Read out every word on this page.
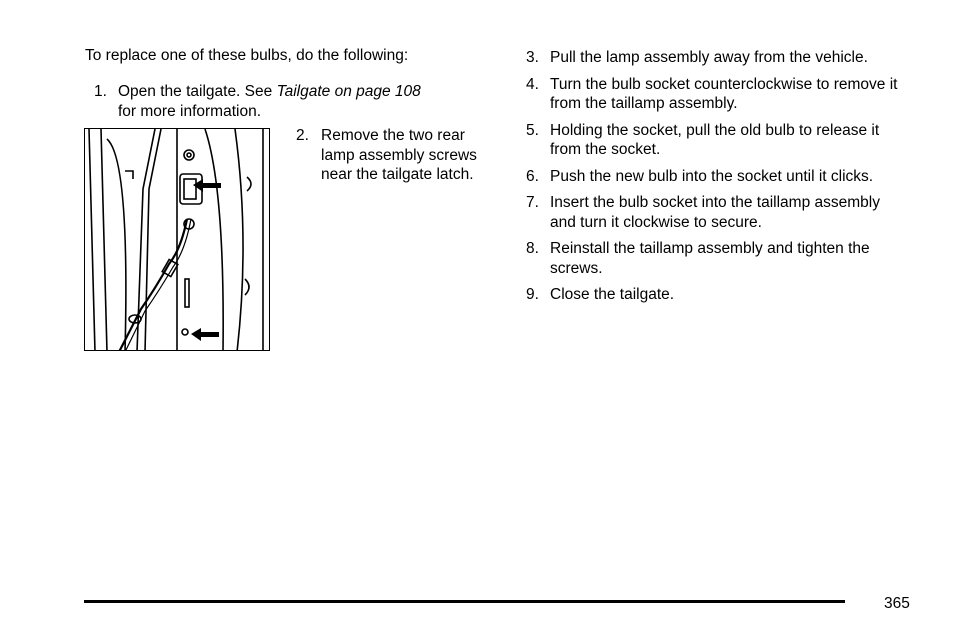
To replace one of these bulbs, do the following:
1. Open the tailgate. See Tailgate on page 108
for more information.
2. Remove the two rear lamp assembly screws near the tailgate latch.
3. Pull the lamp assembly away from the vehicle.
4. Turn the bulb socket counterclockwise to remove it from the taillamp assembly.
5. Holding the socket, pull the old bulb to release it from the socket.
6. Push the new bulb into the socket until it clicks.
7. Insert the bulb socket into the taillamp assembly and turn it clockwise to secure.
8. Reinstall the taillamp assembly and tighten the screws.
9. Close the tailgate.
365
